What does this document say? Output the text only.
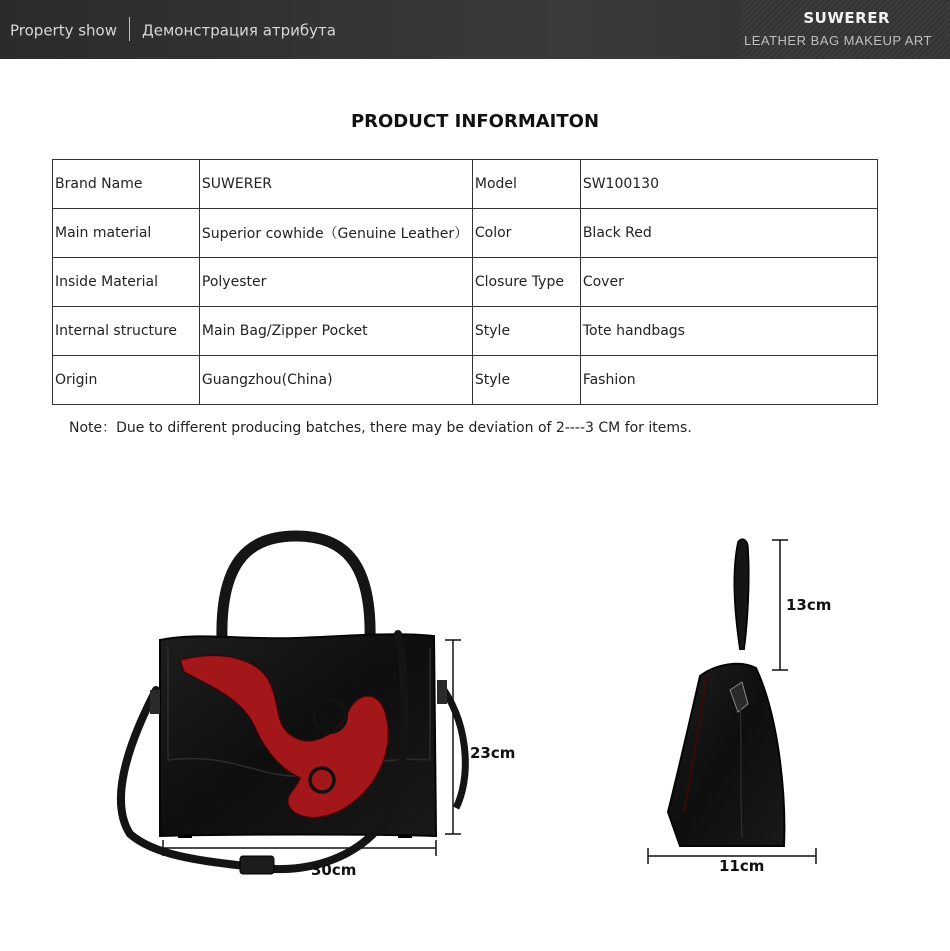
Property show Демонстрация атрибута
SUWERER
LEATHER BAG MAKEUP ART
PRODUCT INFORMAITON
Brand Name	SUWERER	Model	SW100130
Main material	Superior cowhide（Genuine Leather）	Color	Black Red
Inside Material	Polyester	Closure Type	Cover
Internal structure	Main Bag/Zipper Pocket	Style	Tote handbags
Origin	Guangzhou(China)	Style	Fashion
Note：Due to different producing batches, there may be deviation of 2----3 CM for items.
30cm
23cm
13cm
11cm
